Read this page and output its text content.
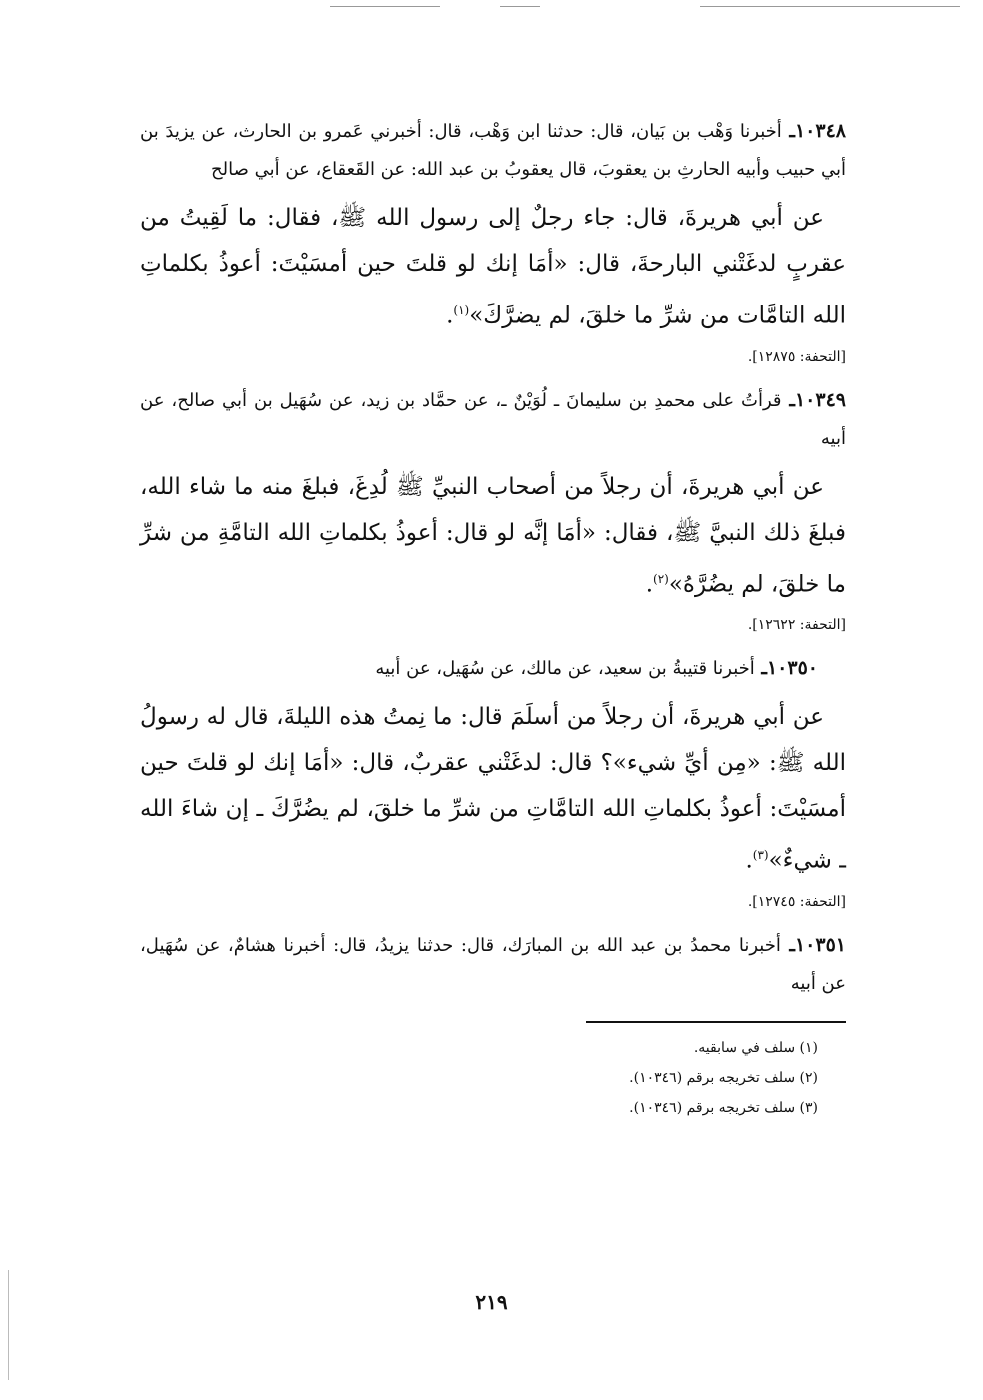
١٠٣٤٨ـ أخبرنا وَهْب بن بَيان، قال: حدثنا ابن وَهْب، قال: أخبرني عَمرو بن الحارث، عن يزيدَ بن أبي حبيب وأبيه الحارثِ بن يعقوبَ، قال يعقوبُ بن عبد الله: عن القَعقاع، عن أبي صالح

عن أبي هريرةَ، قال: جاء رجلٌ إلى رسول الله ﷺ، فقال: ما لَقِيتُ من عقربٍ لدغَتْني البارحةَ، قال: «أمَا إنك لو قلتَ حين أمسَيْتَ: أعوذُ بكلماتِ الله التامَّات من شرِّ ما خلقَ، لم يضرَّكَ»$^{(١)}$.

[التحفة: ١٢٨٧٥].

١٠٣٤٩ـ قرأتُ على محمدِ بن سليمانَ ـ لُوَيْنٌ ـ، عن حمَّاد بن زيد، عن سُهَيل بن أبي صالح، عن أبيه

عن أبي هريرةَ، أن رجلاً من أصحاب النبيِّ ﷺ لُدِغَ، فبلغَ منه ما شاء الله، فبلغَ ذلك النبيَّ ﷺ، فقال: «أمَا إنَّه لو قال: أعوذُ بكلماتِ الله التامَّةِ من شرِّ ما خلقَ، لم يضُرَّهُ»$^{(٢)}$.

[التحفة: ١٢٦٢٢].

١٠٣٥٠ـ أخبرنا قتيبةُ بن سعيد، عن مالك، عن سُهَيل، عن أبيه

عن أبي هريرةَ، أن رجلاً من أسلَمَ قال: ما نِمتُ هذه الليلةَ، قال له رسولُ الله ﷺ: «مِن أيِّ شيء»؟ قال: لدغَتْني عقربٌ، قال: «أمَا إنك لو قلتَ حين أمسَيْتَ: أعوذُ بكلماتِ الله التامَّاتِ من شرِّ ما خلقَ، لم يضُرَّكَ ـ إن شاءَ الله ـ شيءٌ»$^{(٣)}$.

[التحفة: ١٢٧٤٥].

١٠٣٥١ـ أخبرنا محمدُ بن عبد الله بن المبارَك، قال: حدثنا يزيدُ، قال: أخبرنا هشامٌ، عن سُهَيل، عن أبيه

(١) سلف في سابقيه.
(٢) سلف تخريجه برقم (١٠٣٤٦).
(٣) سلف تخريجه برقم (١٠٣٤٦).
٢١٩
